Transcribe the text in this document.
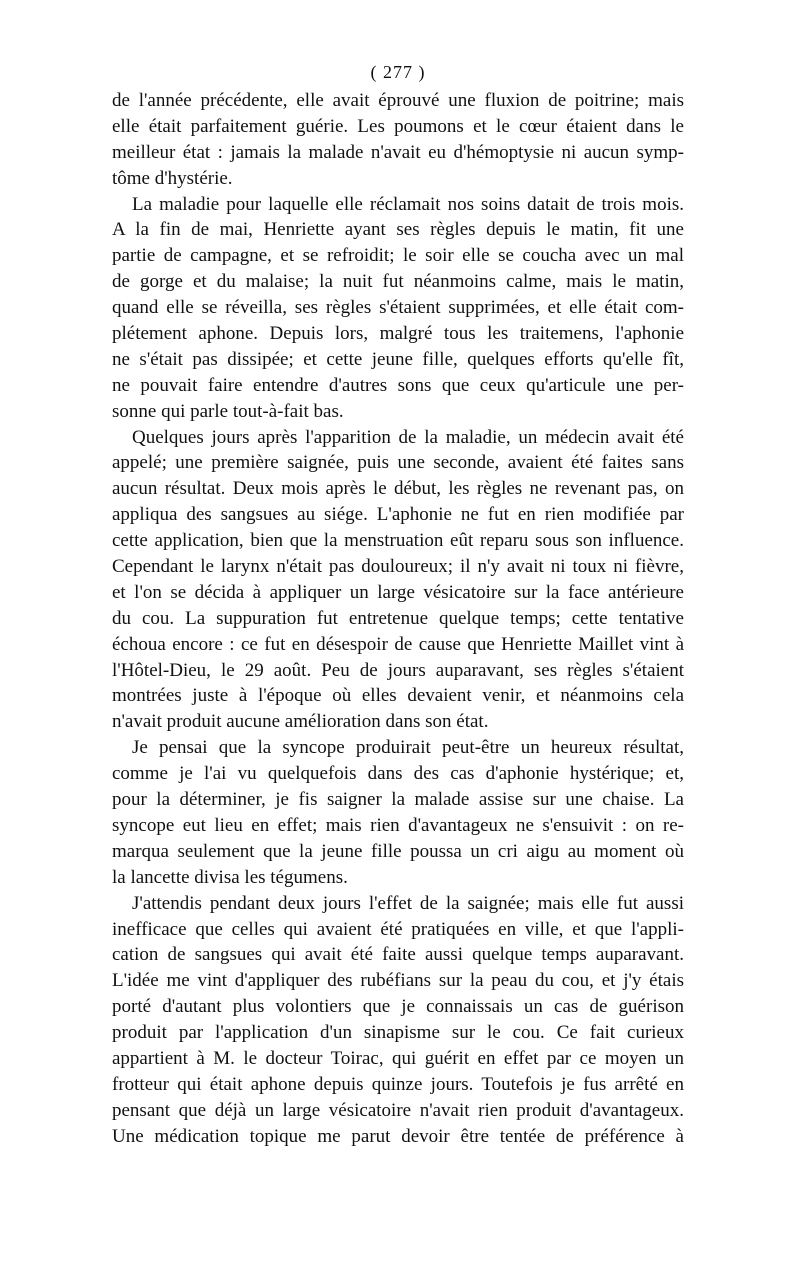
( 277 )
de l'année précédente, elle avait éprouvé une fluxion de poitrine; mais
elle était parfaitement guérie. Les poumons et le cœur étaient dans le
meilleur état : jamais la malade n'avait eu d'hémoptysie ni aucun symp-
tôme d'hystérie.
La maladie pour laquelle elle réclamait nos soins datait de trois mois.
A la fin de mai, Henriette ayant ses règles depuis le matin, fit une
partie de campagne, et se refroidit; le soir elle se coucha avec un mal
de gorge et du malaise; la nuit fut néanmoins calme, mais le matin,
quand elle se réveilla, ses règles s'étaient supprimées, et elle était com-
plétement aphone. Depuis lors, malgré tous les traitemens, l'aphonie
ne s'était pas dissipée; et cette jeune fille, quelques efforts qu'elle fît,
ne pouvait faire entendre d'autres sons que ceux qu'articule une per-
sonne qui parle tout-à-fait bas.
Quelques jours après l'apparition de la maladie, un médecin avait été
appelé; une première saignée, puis une seconde, avaient été faites sans
aucun résultat. Deux mois après le début, les règles ne revenant pas, on
appliqua des sangsues au siége. L'aphonie ne fut en rien modifiée par
cette application, bien que la menstruation eût reparu sous son influence.
Cependant le larynx n'était pas douloureux; il n'y avait ni toux ni fièvre,
et l'on se décida à appliquer un large vésicatoire sur la face antérieure
du cou. La suppuration fut entretenue quelque temps; cette tentative
échoua encore : ce fut en désespoir de cause que Henriette Maillet vint à
l'Hôtel-Dieu, le 29 août. Peu de jours auparavant, ses règles s'étaient
montrées juste à l'époque où elles devaient venir, et néanmoins cela
n'avait produit aucune amélioration dans son état.
Je pensai que la syncope produirait peut-être un heureux résultat,
comme je l'ai vu quelquefois dans des cas d'aphonie hystérique; et,
pour la déterminer, je fis saigner la malade assise sur une chaise. La
syncope eut lieu en effet; mais rien d'avantageux ne s'ensuivit : on re-
marqua seulement que la jeune fille poussa un cri aigu au moment où
la lancette divisa les tégumens.
J'attendis pendant deux jours l'effet de la saignée; mais elle fut aussi
inefficace que celles qui avaient été pratiquées en ville, et que l'appli-
cation de sangsues qui avait été faite aussi quelque temps auparavant.
L'idée me vint d'appliquer des rubéfians sur la peau du cou, et j'y étais
porté d'autant plus volontiers que je connaissais un cas de guérison
produit par l'application d'un sinapisme sur le cou. Ce fait curieux
appartient à M. le docteur Toirac, qui guérit en effet par ce moyen un
frotteur qui était aphone depuis quinze jours. Toutefois je fus arrêté en
pensant que déjà un large vésicatoire n'avait rien produit d'avantageux.
Une médication topique me parut devoir être tentée de préférence à
